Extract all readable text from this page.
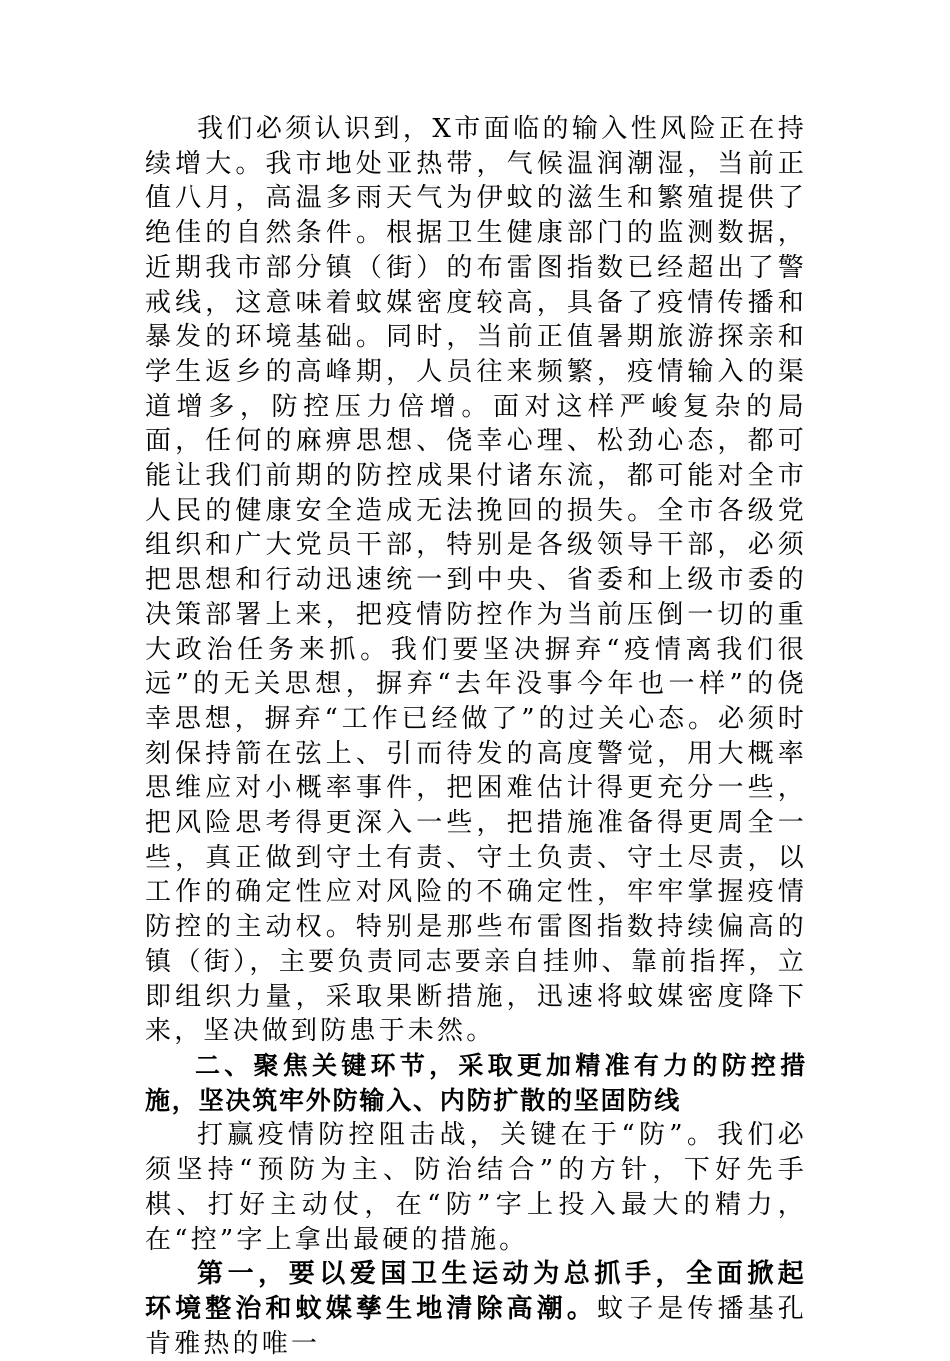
我们必须认识到，X市面临的输入性风险正在持续增大。我市地处亚热带，气候温润潮湿，当前正值八月，高温多雨天气为伊蚊的滋生和繁殖提供了绝佳的自然条件。根据卫生健康部门的监测数据，近期我市部分镇（街）的布雷图指数已经超出了警戒线，这意味着蚊媒密度较高，具备了疫情传播和暴发的环境基础。同时，当前正值暑期旅游探亲和学生返乡的高峰期，人员往来频繁，疫情输入的渠道增多，防控压力倍增。面对这样严峻复杂的局面，任何的麻痹思想、侥幸心理、松劲心态，都可能让我们前期的防控成果付诸东流，都可能对全市人民的健康安全造成无法挽回的损失。全市各级党组织和广大党员干部，特别是各级领导干部，必须把思想和行动迅速统一到中央、省委和上级市委的决策部署上来，把疫情防控作为当前压倒一切的重大政治任务来抓。我们要坚决摒弃“疫情离我们很远”的无关思想，摒弃“去年没事今年也一样”的侥幸思想，摒弃“工作已经做了”的过关心态。必须时刻保持箭在弦上、引而待发的高度警觉，用大概率思维应对小概率事件，把困难估计得更充分一些，把风险思考得更深入一些，把措施准备得更周全一些，真正做到守土有责、守土负责、守土尽责，以工作的确定性应对风险的不确定性，牢牢掌握疫情防控的主动权。特别是那些布雷图指数持续偏高的镇（街），主要负责同志要亲自挂帅、靠前指挥，立即组织力量，采取果断措施，迅速将蚊媒密度降下来，坚决做到防患于未然。

二、聚焦关键环节，采取更加精准有力的防控措施，坚决筑牢外防输入、内防扩散的坚固防线

打赢疫情防控阻击战，关键在于“防”。我们必须坚持“预防为主、防治结合”的方针，下好先手棋、打好主动仗，在“防”字上投入最大的精力，在“控”字上拿出最硬的措施。

第一，要以爱国卫生运动为总抓手，全面掀起环境整治和蚊媒孳生地清除高潮。蚊子是传播基孔肯雅热的唯一
